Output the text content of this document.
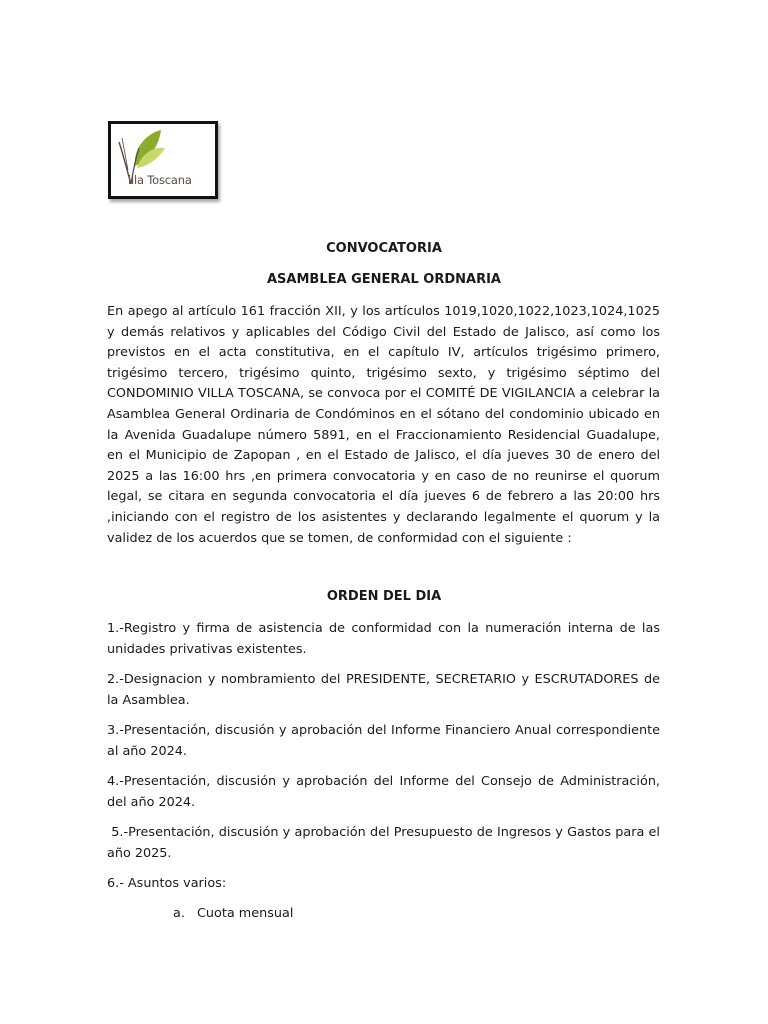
illa Toscana
CONVOCATORIA
ASAMBLEA GENERAL ORDNARIA

En apego al artículo 161 fracción XII, y los artículos 1019,1020,1022,1023,1024,1025 y demás relativos y aplicables del Código Civil del Estado de Jalisco, así como los previstos en el acta constitutiva, en el capítulo IV, artículos trigésimo primero, trigésimo tercero, trigésimo quinto, trigésimo sexto, y trigésimo séptimo del CONDOMINIO VILLA TOSCANA, se convoca por el COMITÉ DE VIGILANCIA a celebrar la Asamblea General Ordinaria de Condóminos en el sótano del condominio ubicado en la Avenida Guadalupe número 5891, en el Fraccionamiento Residencial Guadalupe, en el Municipio de Zapopan , en el Estado de Jalisco, el día jueves 30 de enero del 2025 a las 16:00 hrs ,en primera convocatoria y en caso de no reunirse el quorum legal, se citara en segunda convocatoria el día jueves 6 de febrero a las 20:00 hrs ,iniciando con el registro de los asistentes y declarando legalmente el quorum y la validez de los acuerdos que se tomen, de conformidad con el siguiente :

ORDEN DEL DIA

1.-Registro y firma de asistencia de conformidad con la numeración interna de las unidades privativas existentes.

2.-Designacion y nombramiento del PRESIDENTE, SECRETARIO y ESCRUTADORES de la Asamblea.

3.-Presentación, discusión y aprobación del Informe Financiero Anual correspondiente al año 2024.

4.-Presentación, discusión y aprobación del Informe del Consejo de Administración, del año 2024.

5.-Presentación, discusión y aprobación del Presupuesto de Ingresos y Gastos para el año 2025.

6.- Asuntos varios:

a. Cuota mensual
